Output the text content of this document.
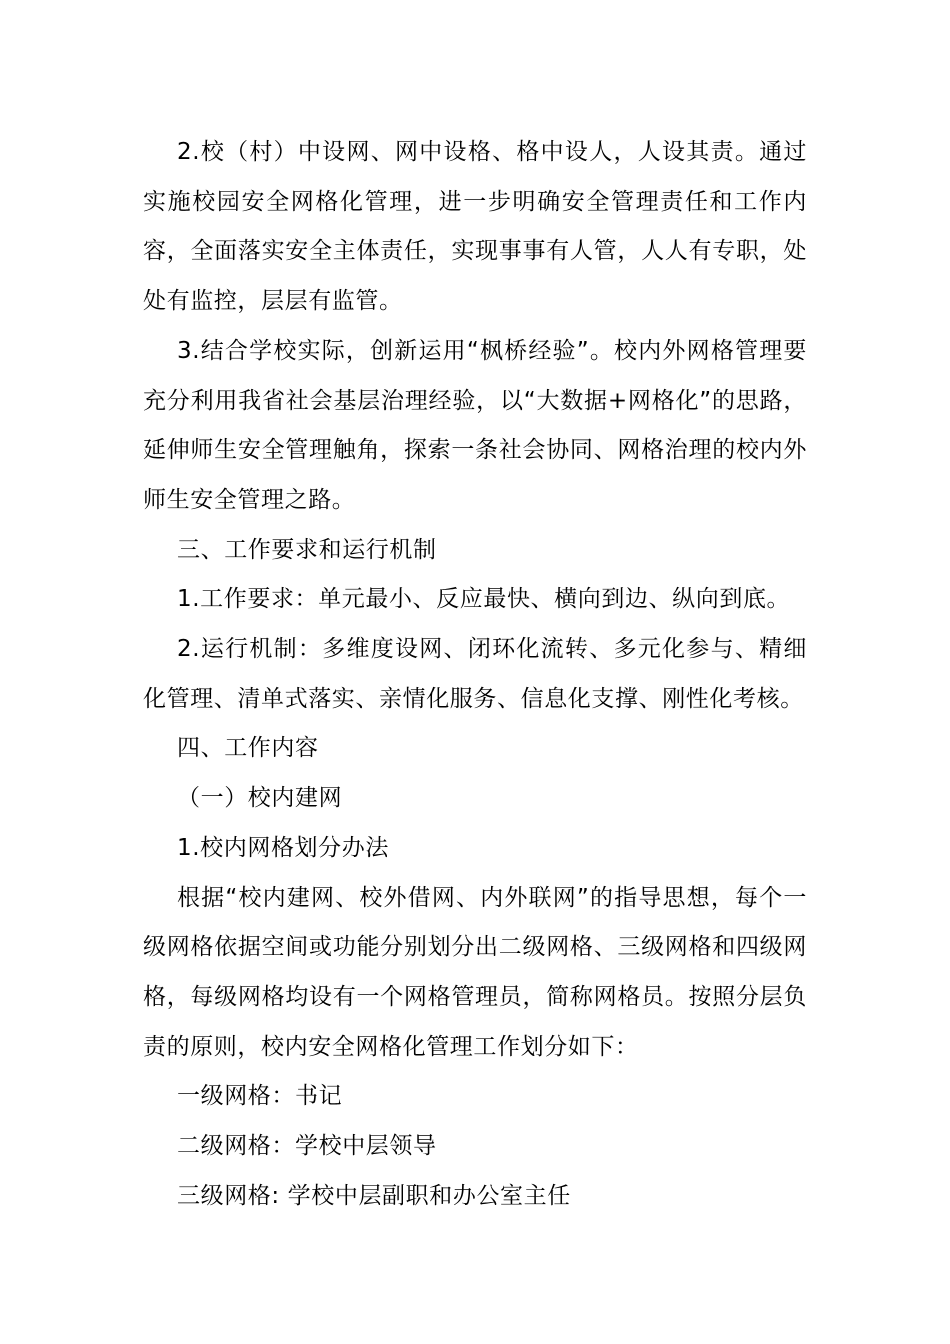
2.校（村）中设网、网中设格、格中设人，人设其责。通过实施校园安全网格化管理，进一步明确安全管理责任和工作内容，全面落实安全主体责任，实现事事有人管，人人有专职，处处有监控，层层有监管。

3.结合学校实际，创新运用“枫桥经验”。校内外网格管理要充分利用我省社会基层治理经验，以“大数据+网格化”的思路，延伸师生安全管理触角，探索一条社会协同、网格治理的校内外师生安全管理之路。

三、工作要求和运行机制

1.工作要求：单元最小、反应最快、横向到边、纵向到底。

2.运行机制：多维度设网、闭环化流转、多元化参与、精细化管理、清单式落实、亲情化服务、信息化支撑、刚性化考核。

四、工作内容

（一）校内建网

1.校内网格划分办法

根据“校内建网、校外借网、内外联网”的指导思想，每个一级网格依据空间或功能分别划分出二级网格、三级网格和四级网格，每级网格均设有一个网格管理员，简称网格员。按照分层负责的原则，校内安全网格化管理工作划分如下：

一级网格：书记

二级网格：学校中层领导

三级网格: 学校中层副职和办公室主任
